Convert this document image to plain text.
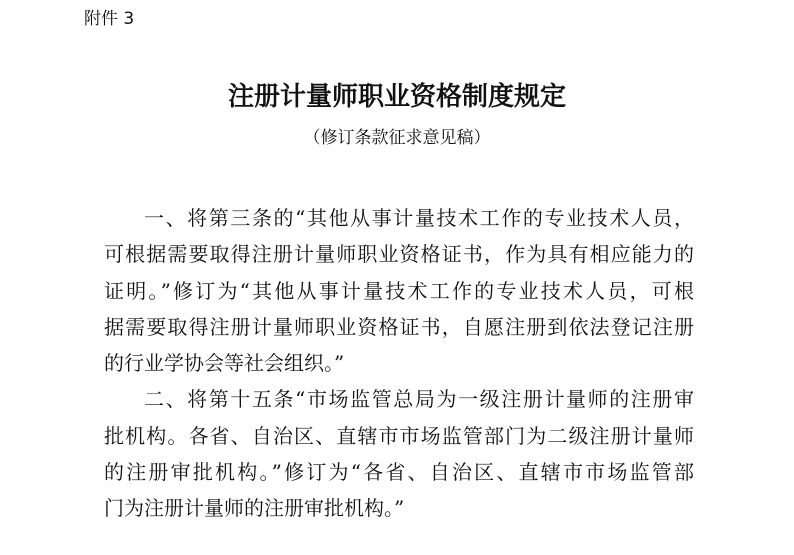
附件 3
注册计量师职业资格制度规定
（修订条款征求意见稿）
一、将第三条的“其他从事计量技术工作的专业技术人员，
可根据需要取得注册计量师职业资格证书，作为具有相应能力的
证明。”修订为“其他从事计量技术工作的专业技术人员，可根
据需要取得注册计量师职业资格证书，自愿注册到依法登记注册
的行业学协会等社会组织。”
二、将第十五条“市场监管总局为一级注册计量师的注册审
批机构。各省、自治区、直辖市市场监管部门为二级注册计量师
的注册审批机构。”修订为“各省、自治区、直辖市市场监管部
门为注册计量师的注册审批机构。”
